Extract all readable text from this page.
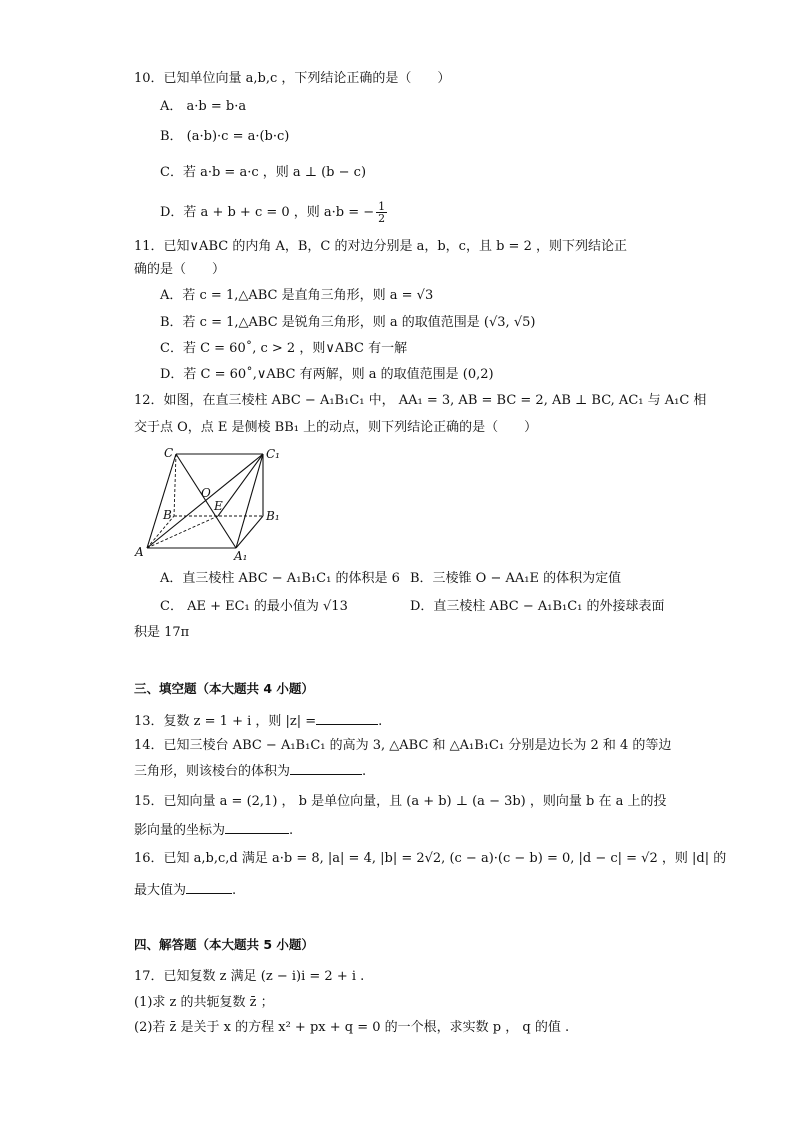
10．已知单位向量 a,b,c ，下列结论正确的是（　　）
A． a·b = b·a
B． (a·b)·c = a·(b·c)
C．若 a·b = a·c ，则 a ⊥ (b − c)
D．若 a + b + c = 0 ，则 a·b = − $\frac{1}{2}$
11．已知∨ABC 的内角 A，B，C 的对边分别是 a，b，c，且 b = 2 ，则下列结论正
确的是（　　）
A．若 c = 1,△ABC 是直角三角形，则 a = √3
B．若 c = 1,△ABC 是锐角三角形，则 a 的取值范围是 (√3, √5)
C．若 C = 60˚, c > 2 ，则∨ABC 有一解
D．若 C = 60˚,∨ABC 有两解，则 a 的取值范围是 (0,2)
12．如图，在直三棱柱 ABC − A₁B₁C₁ 中， AA₁ = 3, AB = BC = 2, AB ⊥ BC, AC₁ 与 A₁C 相
交于点 O，点 E 是侧棱 BB₁ 上的动点，则下列结论正确的是（　　）
C	C₁
O
E
B	B₁
A	A₁
A．直三棱柱 ABC − A₁B₁C₁ 的体积是 6 B．三棱锥 O − AA₁E 的体积为定值
C． AE + EC₁ 的最小值为 √13	D．直三棱柱 ABC − A₁B₁C₁ 的外接球表面
积是 17π
三、填空题（本大题共 4 小题）
13．复数 z = 1 + i ，则 |z| =	.
14．已知三棱台 ABC − A₁B₁C₁ 的高为 3, △ABC 和 △A₁B₁C₁ 分别是边长为 2 和 4 的等边
三角形，则该棱台的体积为	.
15．已知向量 a = (2,1) ， b 是单位向量，且 (a + b) ⊥ (a − 3b) ，则向量 b 在 a 上的投
影向量的坐标为	.
16．已知 a,b,c,d 满足 a·b = 8, |a| = 4, |b| = 2√2, (c − a)·(c − b) = 0, |d − c| = √2 ，则 |d| 的
最大值为	.
四、解答题（本大题共 5 小题）
17．已知复数 z 满足 (z − i)i = 2 + i .
(1)求 z 的共轭复数 z̄ ；
(2)若 z̄ 是关于 x 的方程 x² + px + q = 0 的一个根，求实数 p ， q 的值 .
